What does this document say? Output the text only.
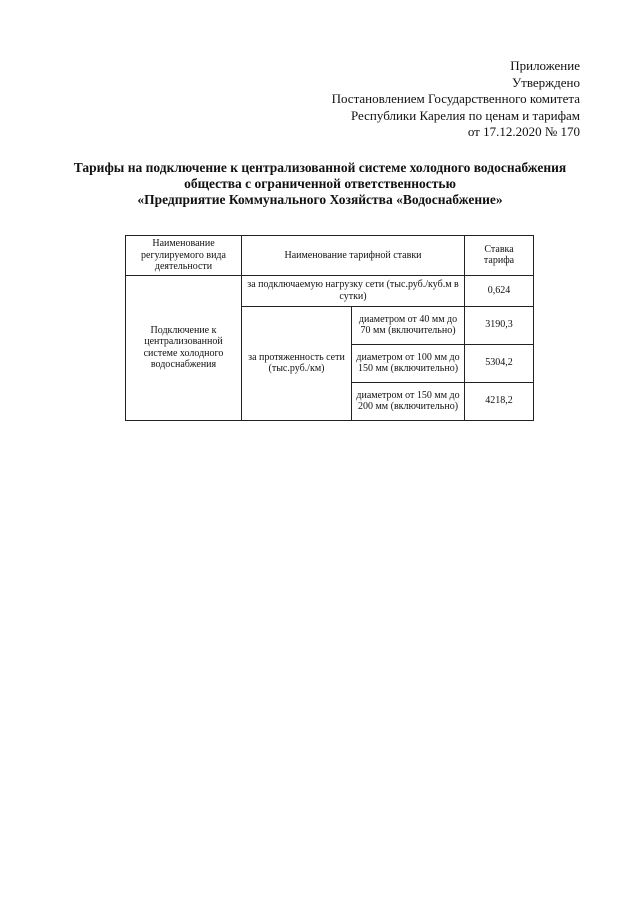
Приложение
Утверждено
Постановлением Государственного комитета
Республики Карелия по ценам и тарифам
от 17.12.2020 № 170
Тарифы на подключение к централизованной системе холодного водоснабжения
общества с ограниченной ответственностью
«Предприятие Коммунального Хозяйства «Водоснабжение»
Наименование регулируемого вида деятельности	Наименование тарифной ставки		Ставка тарифа
Подключение к централизованной системе холодного водоснабжения	за подключаемую нагрузку сети (тыс.руб./куб.м в сутки)		0,624
	за протяженность сети (тыс.руб./км)	диаметром от 40 мм до 70 мм (включительно)	3190,3
		диаметром от 100 мм до 150 мм (включительно)	5304,2
		диаметром от 150 мм до 200 мм (включительно)	4218,2
